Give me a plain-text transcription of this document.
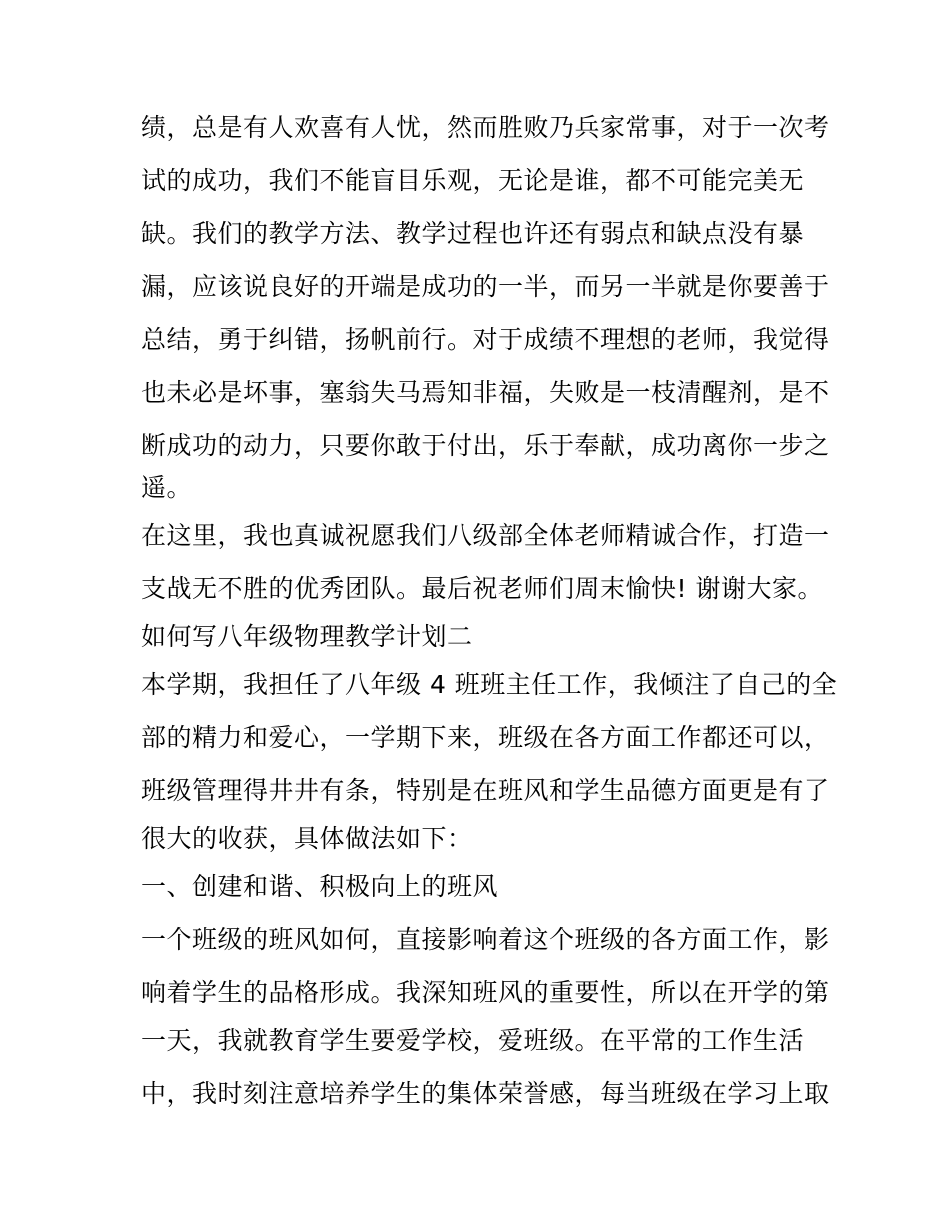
绩，总是有人欢喜有人忧，然而胜败乃兵家常事，对于一次考
试的成功，我们不能盲目乐观，无论是谁，都不可能完美无
缺。我们的教学方法、教学过程也许还有弱点和缺点没有暴
漏，应该说良好的开端是成功的一半，而另一半就是你要善于
总结，勇于纠错，扬帆前行。对于成绩不理想的老师，我觉得
也未必是坏事，塞翁失马焉知非福，失败是一枝清醒剂，是不
断成功的动力，只要你敢于付出，乐于奉献，成功离你一步之
遥。
在这里，我也真诚祝愿我们八级部全体老师精诚合作，打造一
支战无不胜的优秀团队。最后祝老师们周末愉快! 谢谢大家。
如何写八年级物理教学计划二
本学期，我担任了八年级 4 班班主任工作，我倾注了自己的全
部的精力和爱心，一学期下来，班级在各方面工作都还可以，
班级管理得井井有条，特别是在班风和学生品德方面更是有了
很大的收获，具体做法如下：
一、创建和谐、积极向上的班风
一个班级的班风如何，直接影响着这个班级的各方面工作，影
响着学生的品格形成。我深知班风的重要性，所以在开学的第
一天，我就教育学生要爱学校，爱班级。在平常的工作生活
中，我时刻注意培养学生的集体荣誉感，每当班级在学习上取
